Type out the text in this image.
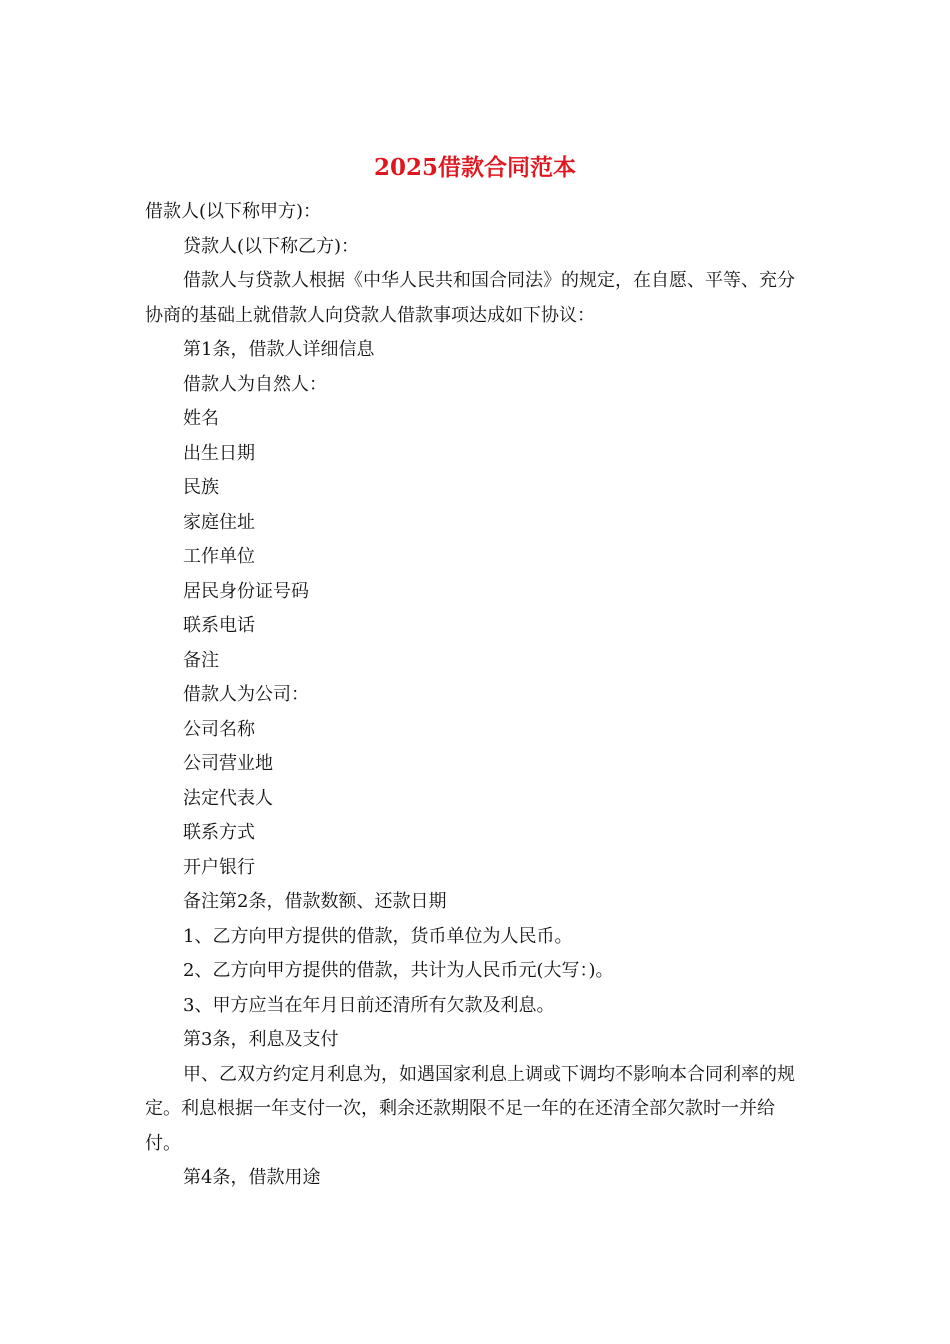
2025借款合同范本

借款人(以下称甲方)：

贷款人(以下称乙方)：

借款人与贷款人根据《中华人民共和国合同法》的规定，在自愿、平等、充分协商的基础上就借款人向贷款人借款事项达成如下协议：

第1条，借款人详细信息

借款人为自然人：

姓名

出生日期

民族

家庭住址

工作单位

居民身份证号码

联系电话

备注

借款人为公司：

公司名称

公司营业地

法定代表人

联系方式

开户银行

备注第2条，借款数额、还款日期

1、乙方向甲方提供的借款，货币单位为人民币。

2、乙方向甲方提供的借款，共计为人民币元(大写：)。

3、甲方应当在年月日前还清所有欠款及利息。

第3条，利息及支付

甲、乙双方约定月利息为，如遇国家利息上调或下调均不影响本合同利率的规定。利息根据一年支付一次，剩余还款期限不足一年的在还清全部欠款时一并给付。

第4条，借款用途
